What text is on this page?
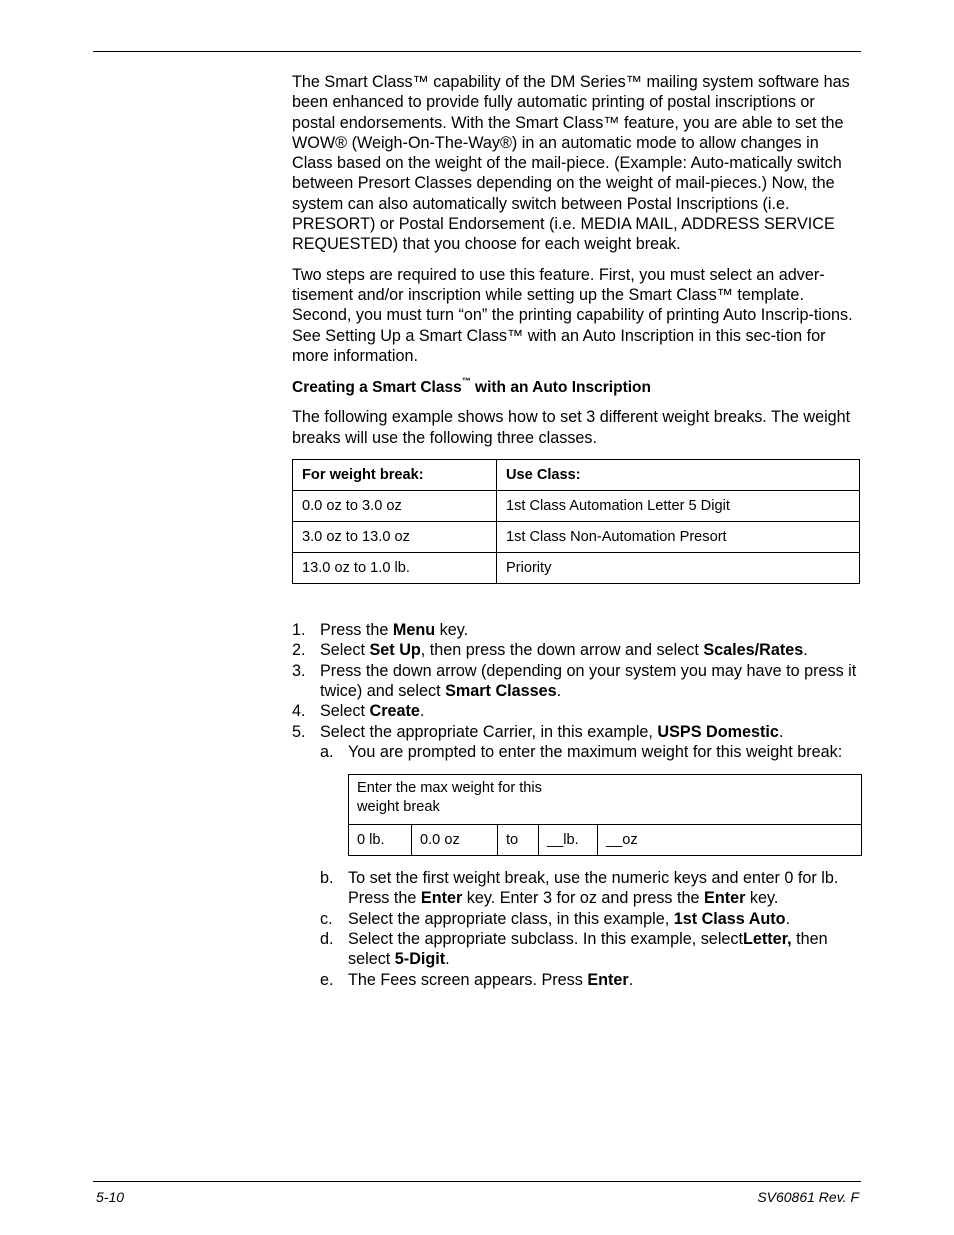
The Smart Class™ capability of the DM Series™ mailing system software has been enhanced to provide fully automatic printing of postal inscriptions or postal endorsements. With the Smart Class™ feature, you are able to set the WOW® (Weigh-On-The-Way®) in an automatic mode to allow changes in Class based on the weight of the mail-piece. (Example: Auto-matically switch between Presort Classes depending on the weight of mail-pieces.) Now, the system can also automatically switch between Postal Inscriptions (i.e. PRESORT) or Postal Endorsement (i.e. MEDIA MAIL, ADDRESS SERVICE REQUESTED) that you choose for each weight break.

Two steps are required to use this feature. First, you must select an adver-tisement and/or inscription while setting up the Smart Class™ template. Second, you must turn “on” the printing capability of printing Auto Inscrip-tions. See Setting Up a Smart Class™ with an Auto Inscription in this sec-tion for more information.

Creating a Smart Class™ with an Auto Inscription

The following example shows how to set 3 different weight breaks. The weight breaks will use the following three classes.

For weight break:	Use Class:
0.0 oz to 3.0 oz	1st Class Automation Letter 5 Digit
3.0 oz to 13.0 oz	1st Class Non-Automation Presort
13.0 oz to 1.0 lb.	Priority
1. Press the Menu key.
2. Select Set Up, then press the down arrow and select Scales/Rates.
3. Press the down arrow (depending on your system you may have to press it twice) and select Smart Classes.
4. Select Create.
5. Select the appropriate Carrier, in this example, USPS Domestic.
a. You are prompted to enter the maximum weight for this weight break:
Enter the max weight for this
weight break
0 lb.	0.0 oz	to	__lb.	__oz
b. To set the first weight break, use the numeric keys and enter 0 for lb. Press the Enter key. Enter 3 for oz and press the Enter key.
c. Select the appropriate class, in this example, 1st Class Auto.
d. Select the appropriate subclass. In this example, selectLetter, then select 5-Digit.
e. The Fees screen appears. Press Enter.
5-10	SV60861 Rev. F
